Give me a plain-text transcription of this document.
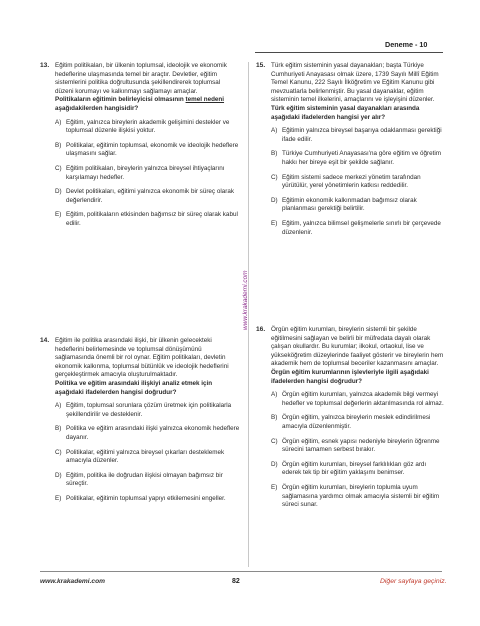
Deneme - 10
www.krakademi.com
13. Eğitim politikaları, bir ülkenin toplumsal, ideolojik ve ekonomik hedeflerine ulaşmasında temel bir araçtır. Devletler, eğitim sistemlerini politika doğrultusunda şekillendirerek toplumsal düzeni korumayı ve kalkınmayı sağlamayı amaçlar.

Politikaların eğitimin belirleyicisi olmasının temel nedeni aşağıdakilerden hangisidir?

A) Eğitim, yalnızca bireylerin akademik gelişimini destekler ve toplumsal düzenle ilişkisi yoktur.
B) Politikalar, eğitimin toplumsal, ekonomik ve ideolojik hedeflere ulaşmasını sağlar.
C) Eğitim politikaları, bireylerin yalnızca bireysel ihtiyaçlarını karşılamayı hedefler.
D) Devlet politikaları, eğitimi yalnızca ekonomik bir süreç olarak değerlendirir.
E) Eğitim, politikaların etkisinden bağımsız bir süreç olarak kabul edilir.
14. Eğitim ile politika arasındaki ilişki, bir ülkenin gelecekteki hedeflerini belirlemesinde ve toplumsal dönüşümünü sağlamasında önemli bir rol oynar. Eğitim politikaları, devletin ekonomik kalkınma, toplumsal bütünlük ve ideolojik hedeflerini gerçekleştirmek amacıyla oluşturulmaktadır.

Politika ve eğitim arasındaki ilişkiyi analiz etmek için aşağıdaki ifadelerden hangisi doğrudur?

A) Eğitim, toplumsal sorunlara çözüm üretmek için politikalarla şekillendirilir ve desteklenir.
B) Politika ve eğitim arasındaki ilişki yalnızca ekonomik hedeflere dayanır.
C) Politikalar, eğitimi yalnızca bireysel çıkarları desteklemek amacıyla düzenler.
D) Eğitim, politika ile doğrudan ilişkisi olmayan bağımsız bir süreçtir.
E) Politikalar, eğitimin toplumsal yapıyı etkilemesini engeller.
15. Türk eğitim sisteminin yasal dayanakları; başta Türkiye Cumhuriyeti Anayasası olmak üzere, 1739 Sayılı Millî Eğitim Temel Kanunu, 222 Sayılı İlköğretim ve Eğitim Kanunu gibi mevzuatlarla belirlenmiştir. Bu yasal dayanaklar, eğitim sisteminin temel ilkelerini, amaçlarını ve işleyişini düzenler.

Türk eğitim sisteminin yasal dayanakları arasında aşağıdaki ifadelerden hangisi yer alır?

A) Eğitimin yalnızca bireysel başarıya odaklanması gerektiği ifade edilir.
B) Türkiye Cumhuriyeti Anayasası'na göre eğitim ve öğretim hakkı her bireye eşit bir şekilde sağlanır.
C) Eğitim sistemi sadece merkezi yönetim tarafından yürütülür, yerel yönetimlerin katkısı reddedilir.
D) Eğitimin ekonomik kalkınmadan bağımsız olarak planlanması gerektiği belirtilir.
E) Eğitim, yalnızca bilimsel gelişmelerle sınırlı bir çerçevede düzenlenir.
16. Örgün eğitim kurumları, bireylerin sistemli bir şekilde eğitilmesini sağlayan ve belirli bir müfredata dayalı olarak çalışan okullardır. Bu kurumlar; ilkokul, ortaokul, lise ve yükseköğretim düzeylerinde faaliyet gösterir ve bireylerin hem akademik hem de toplumsal beceriler kazanmasını amaçlar.

Örgün eğitim kurumlarının işlevleriyle ilgili aşağıdaki ifadelerden hangisi doğrudur?

A) Örgün eğitim kurumları, yalnızca akademik bilgi vermeyi hedefler ve toplumsal değerlerin aktarılmasında rol almaz.
B) Örgün eğitim, yalnızca bireylerin meslek edindirilmesi amacıyla düzenlenmiştir.
C) Örgün eğitim, esnek yapısı nedeniyle bireylerin öğrenme sürecini tamamen serbest bırakır.
D) Örgün eğitim kurumları, bireysel farklılıkları göz ardı ederek tek tip bir eğitim yaklaşımı benimser.
E) Örgün eğitim kurumları, bireylerin toplumla uyum sağlamasına yardımcı olmak amacıyla sistemli bir eğitim süreci sunar.
www.krakademi.com	82	Diğer sayfaya geçiniz.
